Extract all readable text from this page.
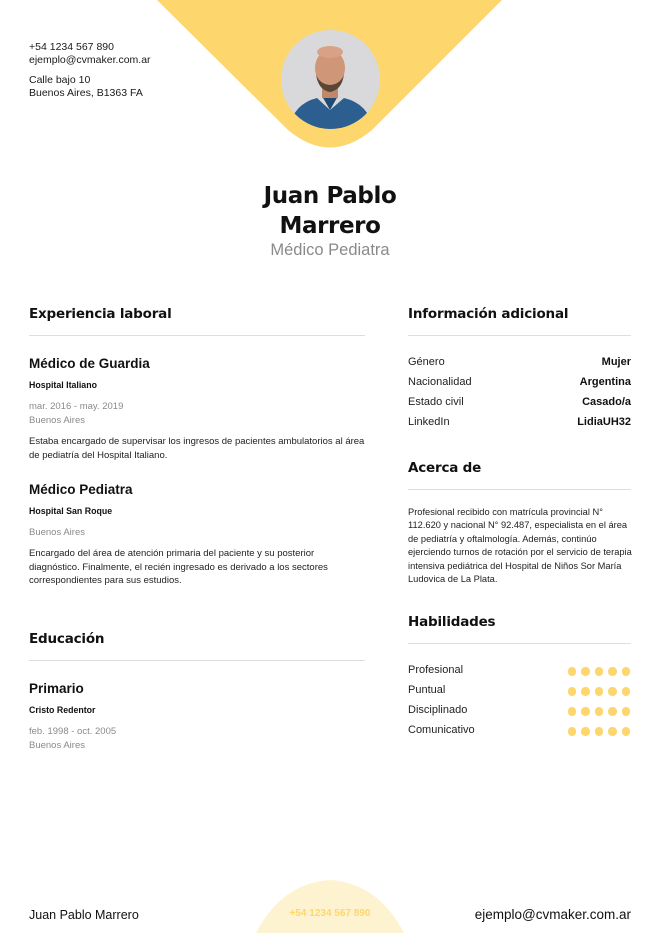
+54 1234 567 890
ejemplo@cvmaker.com.ar
Calle bajo 10
Buenos Aires, B1363 FA
Juan Pablo
Marrero
Médico Pediatra
Experiencia laboral
Médico de Guardia
Hospital Italiano
mar. 2016 - may. 2019
Buenos Aires
Estaba encargado de supervisar los ingresos de pacientes ambulatorios al área de pediatría del Hospital Italiano.
Médico Pediatra
Hospital San Roque
Buenos Aires
Encargado del área de atención primaria del paciente y su posterior diagnóstico. Finalmente, el recién ingresado es derivado a los sectores correspondientes para sus estudios.
Educación
Primario
Cristo Redentor
feb. 1998 - oct. 2005
Buenos Aires
Información adicional
Género	Mujer
Nacionalidad	Argentina
Estado civil	Casado/a
LinkedIn	LidiaUH32
Acerca de
Profesional recibido con matrícula provincial N° 112.620 y nacional N° 92.487, especialista en el área de pediatría y oftalmología. Además, continúo ejerciendo turnos de rotación por el servicio de terapia intensiva pediátrica del Hospital de Niños Sor María Ludovica de La Plata.
Habilidades
Profesional
Puntual
Disciplinado
Comunicativo
Juan Pablo Marrero	+54 1234 567 890	ejemplo@cvmaker.com.ar
